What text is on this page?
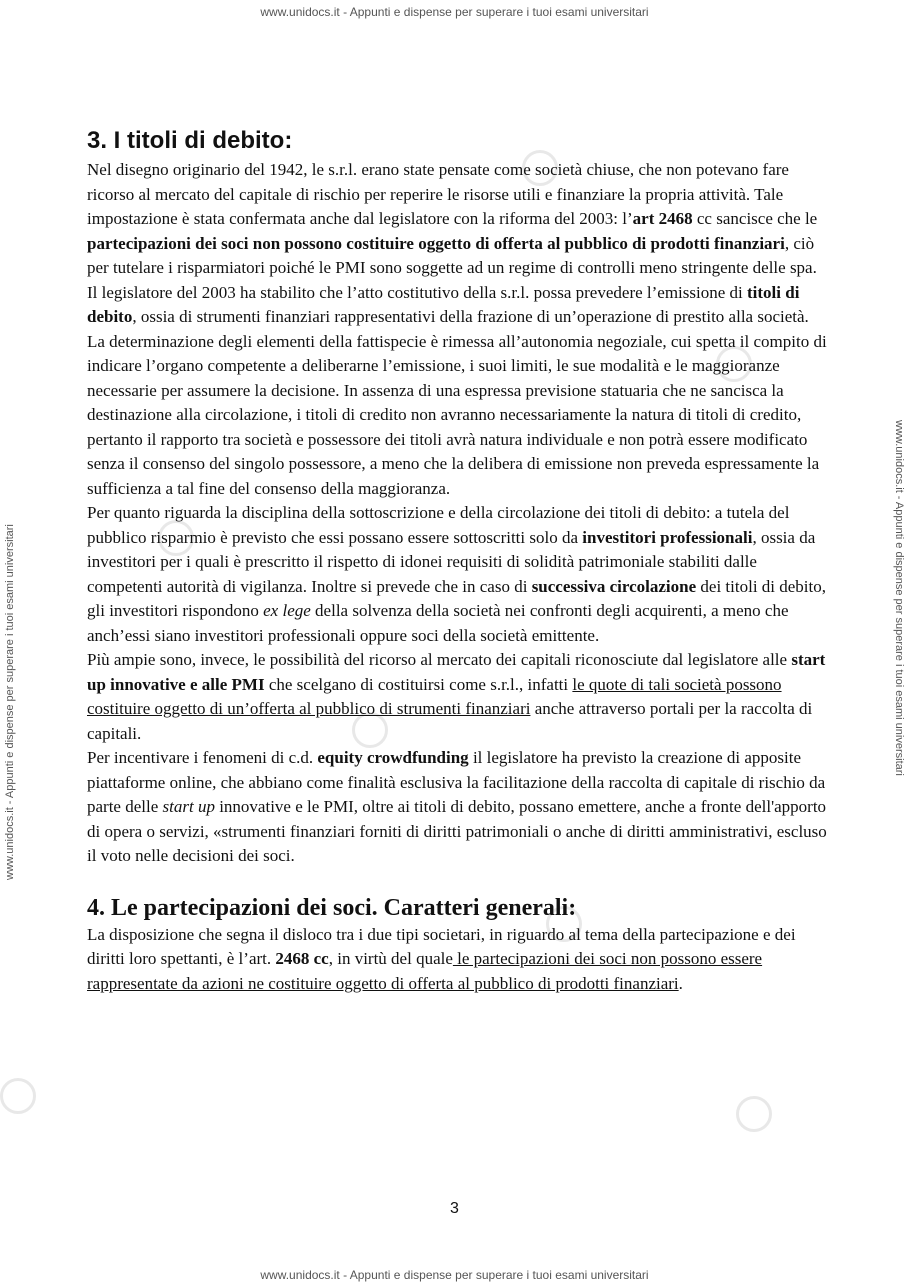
www.unidocs.it - Appunti e dispense per superare i tuoi esami universitari
www.unidocs.it - Appunti e dispense per superare i tuoi esami universitari
www.unidocs.it - Appunti e dispense per superare i tuoi esami universitari	www.unidocs.it - Appunti e dispense per superare i tuoi esami universitari
3. I titoli di debito:

Nel disegno originario del 1942, le s.r.l. erano state pensate come società chiuse, che non potevano fare ricorso al mercato del capitale di rischio per reperire le risorse utili e finanziare la propria attività. Tale impostazione è stata confermata anche dal legislatore con la riforma del 2003: l’art 2468 cc sancisce che le partecipazioni dei soci non possono costituire oggetto di offerta al pubblico di prodotti finanziari, ciò per tutelare i risparmiatori poiché le PMI sono soggette ad un regime di controlli meno stringente delle spa.

Il legislatore del 2003 ha stabilito che l’atto costitutivo della s.r.l. possa prevedere l’emissione di titoli di debito, ossia di strumenti finanziari rappresentativi della frazione di un’operazione di prestito alla società.

La determinazione degli elementi della fattispecie è rimessa all’autonomia negoziale, cui spetta il compito di indicare l’organo competente a deliberarne l’emissione, i suoi limiti, le sue modalità e le maggioranze necessarie per assumere la decisione. In assenza di una espressa previsione statuaria che ne sancisca la destinazione alla circolazione, i titoli di credito non avranno necessariamente la natura di titoli di credito, pertanto il rapporto tra società e possessore dei titoli avrà natura individuale e non potrà essere modificato senza il consenso del singolo possessore, a meno che la delibera di emissione non preveda espressamente la sufficienza a tal fine del consenso della maggioranza.

Per quanto riguarda la disciplina della sottoscrizione e della circolazione dei titoli di debito: a tutela del pubblico risparmio è previsto che essi possano essere sottoscritti solo da investitori professionali, ossia da investitori per i quali è prescritto il rispetto di idonei requisiti di solidità patrimoniale stabiliti dalle competenti autorità di vigilanza. Inoltre si prevede che in caso di successiva circolazione dei titoli di debito, gli investitori rispondono ex lege della solvenza della società nei confronti degli acquirenti, a meno che anch’essi siano investitori professionali oppure soci della società emittente.

Più ampie sono, invece, le possibilità del ricorso al mercato dei capitali riconosciute dal legislatore alle start up innovative e alle PMI che scelgano di costituirsi come s.r.l., infatti le quote di tali società possono costituire oggetto di un’offerta al pubblico di strumenti finanziari anche attraverso portali per la raccolta di capitali.

Per incentivare i fenomeni di c.d. equity crowdfunding il legislatore ha previsto la creazione di apposite piattaforme online, che abbiano come finalità esclusiva la facilitazione della raccolta di capitale di rischio da parte delle start up innovative e le PMI, oltre ai titoli di debito, possano emettere, anche a fronte dell'apporto di opera o servizi, «strumenti finanziari forniti di diritti patrimoniali o anche di diritti amministrativi, escluso il voto nelle decisioni dei soci.

4. Le partecipazioni dei soci. Caratteri generali:

La disposizione che segna il disloco tra i due tipi societari, in riguardo al tema della partecipazione e dei diritti loro spettanti, è l’art. 2468 cc, in virtù del quale le partecipazioni dei soci non possono essere rappresentate da azioni ne costituire oggetto di offerta al pubblico di prodotti finanziari.

3
